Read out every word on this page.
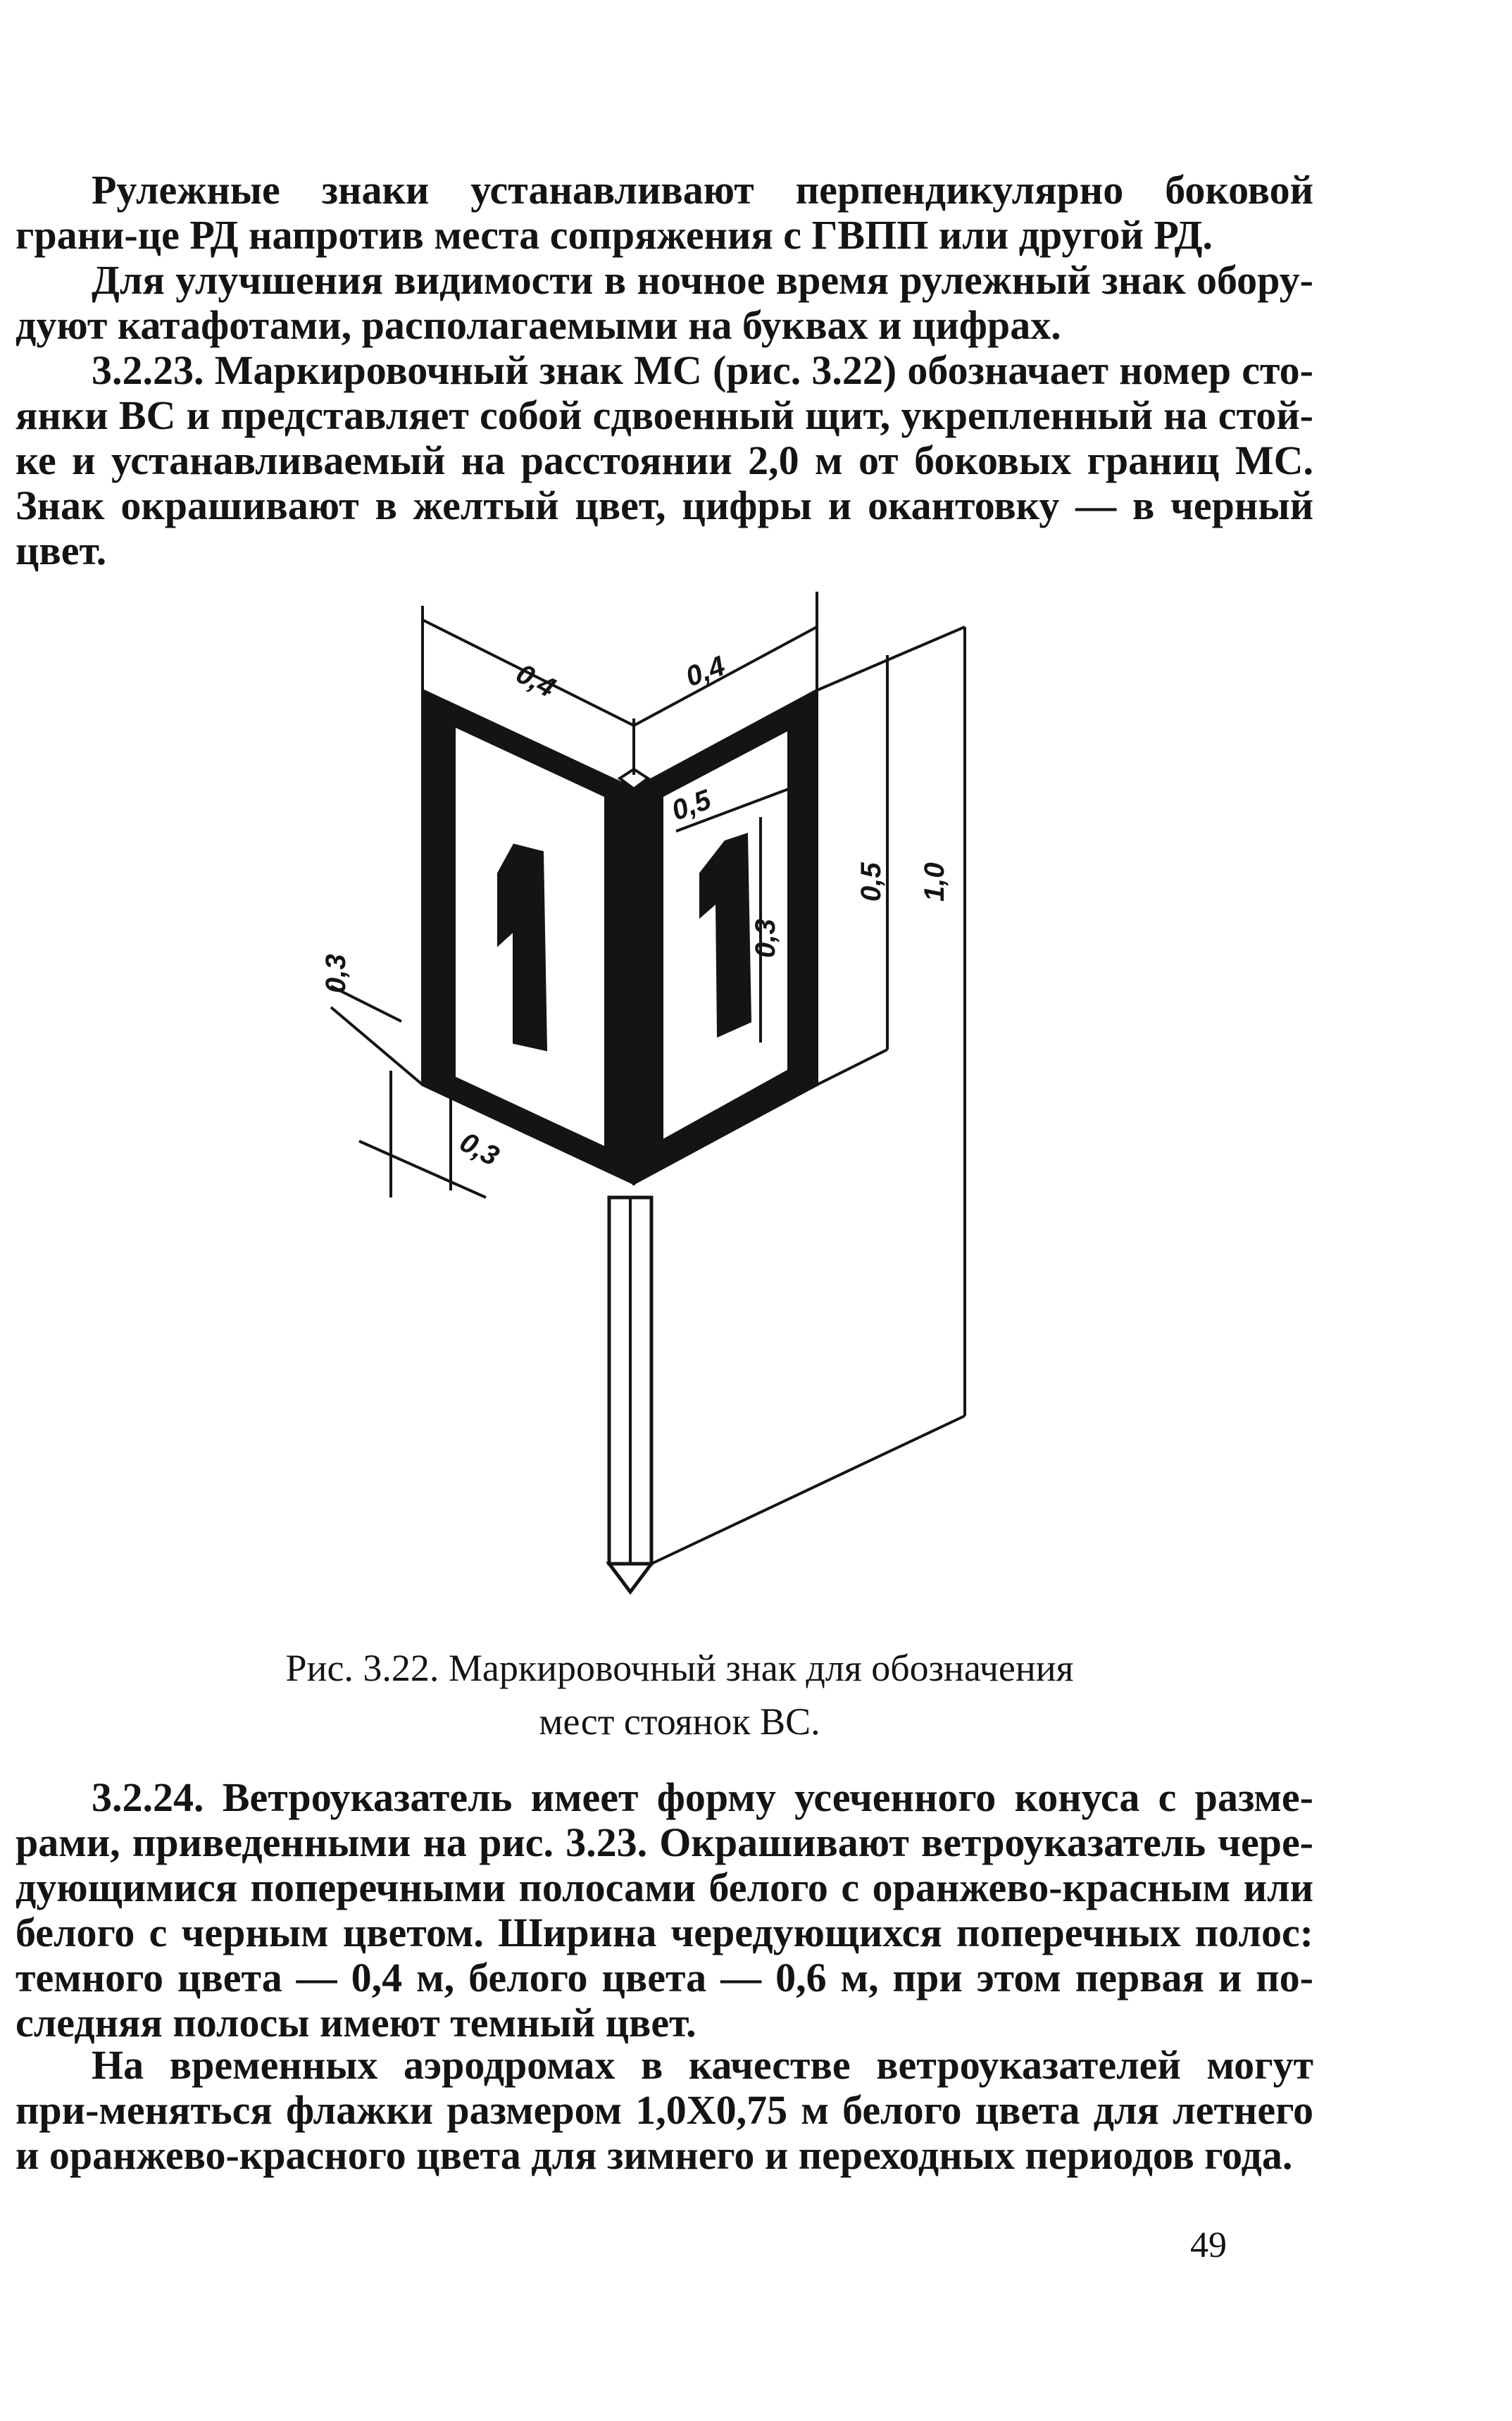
Рулежные знаки устанавливают перпендикулярно боковой грани-це РД напротив места сопряжения с ГВПП или другой РД.

Для улучшения видимости в ночное время рулежный знак обору-дуют катафотами, располагаемыми на буквах и цифрах.

3.2.23. Маркировочный знак МС (рис. 3.22) обозначает номер сто-янки ВС и представляет собой сдвоенный щит, укрепленный на стой-ке и устанавливаемый на расстоянии 2,0 м от боковых границ МС. Знак окрашивают в желтый цвет, цифры и окантовку — в черный цвет.

0,4	0,4
0,5
0,3
0,5 1,0
0,3
0,3
Рис. 3.22. Маркировочный знак для обозначения
мест стоянок ВС.

3.2.24. Ветроуказатель имеет форму усеченного конуса с разме-рами, приведенными на рис. 3.23. Окрашивают ветроуказатель чере-дующимися поперечными полосами белого с оранжево-красным или белого с черным цветом. Ширина чередующихся поперечных полос: темного цвета — 0,4 м, белого цвета — 0,6 м, при этом первая и по-следняя полосы имеют темный цвет.

На временных аэродромах в качестве ветроуказателей могут при-меняться флажки размером 1,0Х0,75 м белого цвета для летнего и оранжево-красного цвета для зимнего и переходных периодов года.

49
